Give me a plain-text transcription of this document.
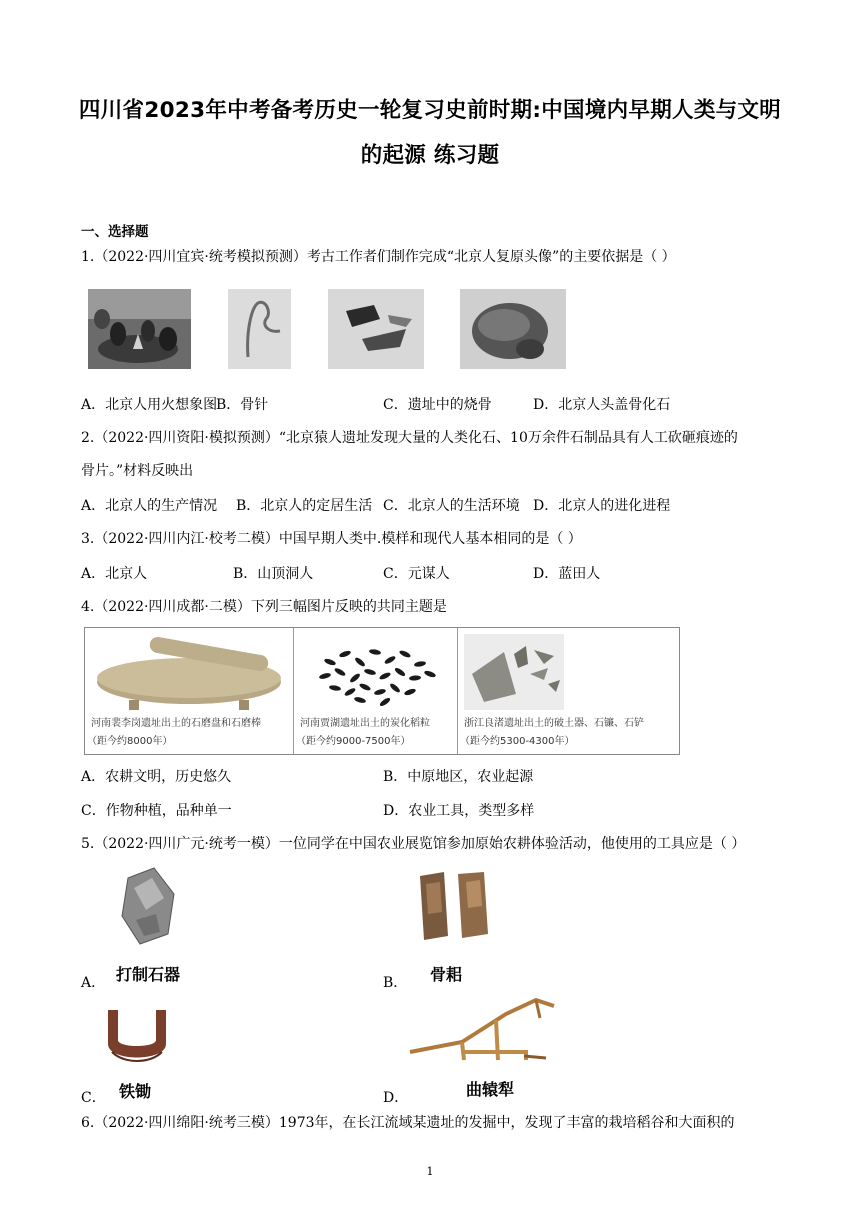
四川省2023年中考备考历史一轮复习史前时期:中国境内早期人类与文明
的起源 练习题
一、选择题
1.（2022·四川宜宾·统考模拟预测）考古工作者们制作完成“北京人复原头像”的主要依据是（ ）
A．北京人用火想象图
B．骨针	C．遗址中的烧骨	D．北京人头盖骨化石
2.（2022·四川资阳·模拟预测）“北京猿人遗址发现大量的人类化石、10万余件石制品具有人工砍砸痕迹的
骨片。”材料反映出
A．北京人的生产情况 B．北京人的定居生活 C．北京人的生活环境 D．北京人的进化进程
3.（2022·四川内江·校考二模）中国早期人类中.模样和现代人基本相同的是（ ）
A．北京人	B．山顶洞人	C．元谋人	D．蓝田人
4.（2022·四川成都·二模）下列三幅图片反映的共同主题是
河南裴李岗遗址出土的石磨盘和石磨棒
（距今约8000年）
河南贾湖遗址出土的炭化稻粒
（距今约9000-7500年）
浙江良渚遗址出土的破土器、石镰、石铲
（距今约5300-4300年）
A．农耕文明，历史悠久	B．中原地区，农业起源
C．作物种植，品种单一	D．农业工具，类型多样
5.（2022·四川广元·统考一模）一位同学在中国农业展览馆参加原始农耕体验活动，他使用的工具应是（ ）
A． 打制石器	B． 骨耜
C． 铁锄	D．	曲辕犁
6.（2022·四川绵阳·统考三模）1973年，在长江流域某遗址的发掘中，发现了丰富的栽培稻谷和大面积的
1
